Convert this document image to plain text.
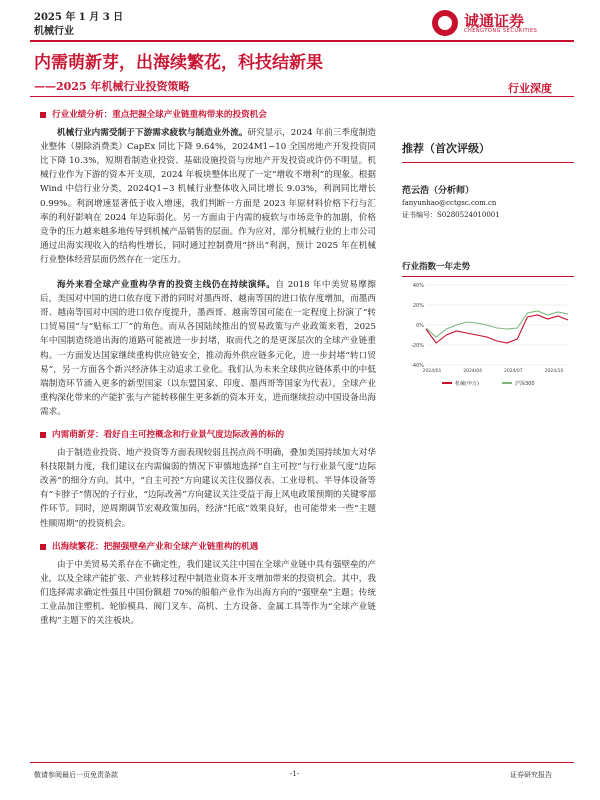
2025 年 1 月 3 日
机械行业
诚通证券
CHENGTONG SECURITIES
内需萌新芽，出海续繁花，科技结新果
——2025 年机械行业投资策略	行业深度

行业业绩分析：重点把握全球产业链重构带来的投资机会

机械行业内需受制于下游需求疲软与制造业外流。研究显示，2024 年前三季度制造业整体（剔除消费类）CapEx 同比下降 9.64%，2024M1~10 全国房地产开发投资同比下降 10.3%，短期看制造业投资、基础设施投资与房地产开发投资或许仍不明显。机械行业作为下游的资本开支项，2024 年板块整体出现了一定“增收不增利”的现象。根据 Wind 中信行业分类，2024Q1~3 机械行业整体收入同比增长 9.03%，利润同比增长 0.99%。利润增速显著低于收入增速，我们判断一方面是 2023 年原材料价格下行与汇率的利好影响在 2024 年边际弱化。另一方面由于内需的疲软与市场竞争的加剧，价格竞争的压力越来越多地传导到机械产品销售的层面。作为应对，部分机械行业的上市公司通过出海实现收入的结构性增长，同时通过控制费用“挤出”利润，预计 2025 年在机械行业整体经营层面仍然存在一定压力。

海外来看全球产业重构孕育的投资主线仍在持续演绎。自 2018 年中美贸易摩擦后，美国对中国的进口依存度下滑的同时对墨西哥、越南等国的进口依存度增加，而墨西哥、越南等国对中国的进口依存度提升，墨西哥、越南等国可能在一定程度上扮演了“转口贸易国”与“贴标工厂”的角色。而从各国陆续推出的贸易政策与产业政策来看，2025 年中国制造绕道出海的道路可能被进一步封堵，取而代之的是更深层次的全球产业链重构。一方面发达国家继续重构供应链安全，推动海外供应链多元化，进一步封堵“转口贸易”，另一方面各个新兴经济体主动追求工业化。我们认为未来全球供应链体系中的中低端制造环节涌入更多的新型国家（以东盟国家、印度、墨西哥等国家为代表），全球产业重构深化带来的产能扩张与产能转移催生更多新的资本开支，进而继续拉动中国设备出海需求。

内需萌新芽：看好自主可控概念和行业景气度边际改善的标的

由于制造业投资、地产投资等方面表现较弱且拐点尚不明确，叠加美国持续加大对华科技限制力度，我们建议在内需偏弱的情况下审慎地选择“自主可控”与行业景气度“边际改善”的细分方向。其中，“自主可控”方向建议关注仪器仪表、工业母机、半导体设备等有“卡脖子”情况的子行业，“边际改善”方向建议关注受益于海上风电政策预期的关键零部件环节。同时，逆周期调节宏观政策加码，经济“托底”效果良好，也可能带来一些“主题性顺周期”的投资机会。

出海续繁花：把握强壁垒产业和全球产业链重构的机遇

由于中美贸易关系存在不确定性，我们建议关注中国在全球产业链中具有强壁垒的产业，以及全球产能扩张、产业转移过程中制造业资本开支增加带来的投资机会。其中，我们选择需求确定性强且中国份额超 70%的船舶产业作为出海方向的“强壁垒”主题；传统工业品加注塑机、轮胎模具、阀门叉车、高机、土方设备、金属工具等作为“全球产业链重构”主题下的关注板块。

推荐（首次评级）
范云浩（分析师）
fanyunhao@cctgsc.com.cn
证书编号：S0280524010001
行业指数一年走势
40%
20%
0%
-20%
-40%
2024/01	2024/04	2024/07	2024/10
机械(申万)	沪深300
敬请参阅最后一页免责条款	-1-	证券研究报告
